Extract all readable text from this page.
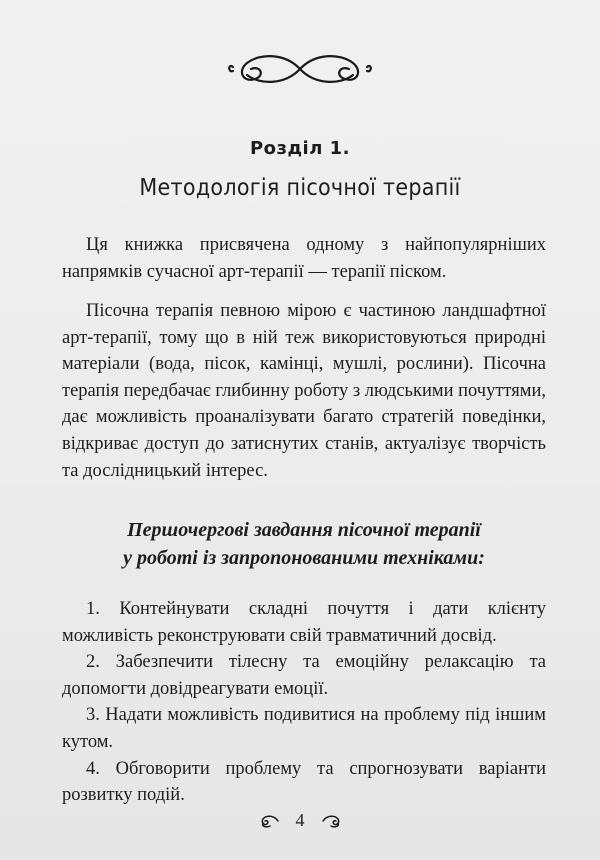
Розділ 1.
Методологія пісочної терапії

Ця книжка присвячена одному з найпопулярніших напрямків сучасної арт-терапії — терапії піском.

Пісочна терапія певною мірою є частиною ландшафтної арт-терапії, тому що в ній теж використовуються природні матеріали (вода, пісок, камінці, мушлі, рослини). Пісочна терапія передбачає глибинну роботу з людськими почуттями, дає можливість проаналізувати багато стратегій поведінки, відкриває доступ до затиснутих станів, актуалізує творчість та дослідницький інтерес.

Першочергові завдання пісочної терапії
у роботі із запропонованими техніками:

1. Контейнувати складні почуття і дати клієнту можливість реконструювати свій травматичний досвід.

2. Забезпечити тілесну та емоційну релаксацію та допомогти довідреагувати емоції.

3. Надати можливість подивитися на проблему під іншим кутом.

4. Обговорити проблему та спрогнозувати варіанти розвитку подій.

4
